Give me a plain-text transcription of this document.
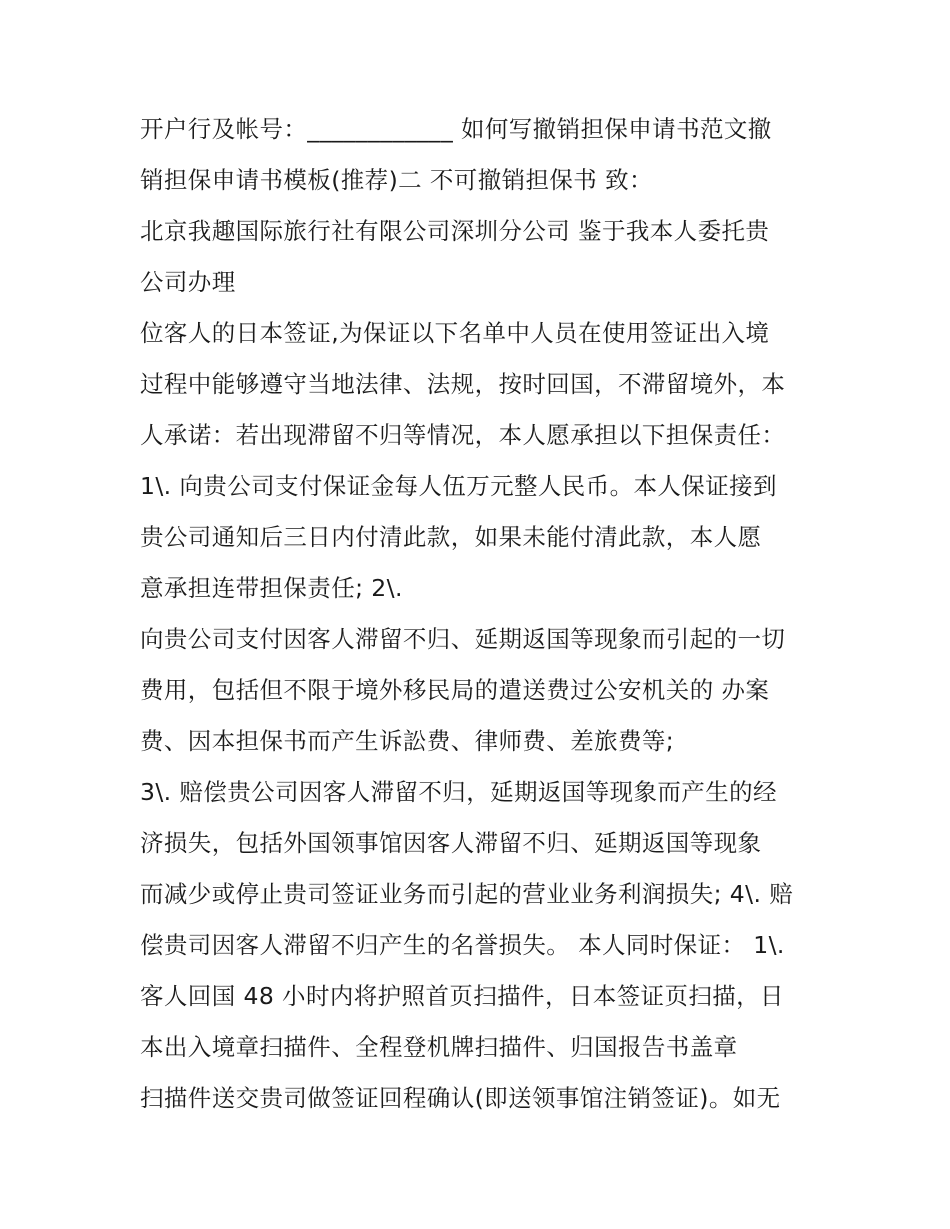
开户行及帐号：____________ 如何写撤销担保申请书范文撤
销担保申请书模板(推荐)二 不可撤销担保书 致：
北京我趣国际旅行社有限公司深圳分公司 鉴于我本人委托贵
公司办理
位客人的日本签证,为保证以下名单中人员在使用签证出入境
过程中能够遵守当地法律、法规，按时回国，不滞留境外，本
人承诺：若出现滞留不归等情况，本人愿承担以下担保责任：
1\. 向贵公司支付保证金每人伍万元整人民币。本人保证接到
贵公司通知后三日内付清此款，如果未能付清此款，本人愿
意承担连带担保责任; 2\.
向贵公司支付因客人滞留不归、延期返国等现象而引起的一切
费用，包括但不限于境外移民局的遣送费过公安机关的 办案
费、因本担保书而产生诉訟费、律师费、差旅费等;
3\. 赔偿贵公司因客人滞留不归，延期返国等现象而产生的经
济损失，包括外国领事馆因客人滞留不归、延期返国等现象
而减少或停止贵司签证业务而引起的营业业务利润损失; 4\. 赔
偿贵司因客人滞留不归产生的名誉损失。 本人同时保证： 1\.
客人回国 48 小时内将护照首页扫描件，日本签证页扫描，日
本出入境章扫描件、全程登机牌扫描件、归国报告书盖章
扫描件送交贵司做签证回程确认(即送领事馆注销签证)。如无
